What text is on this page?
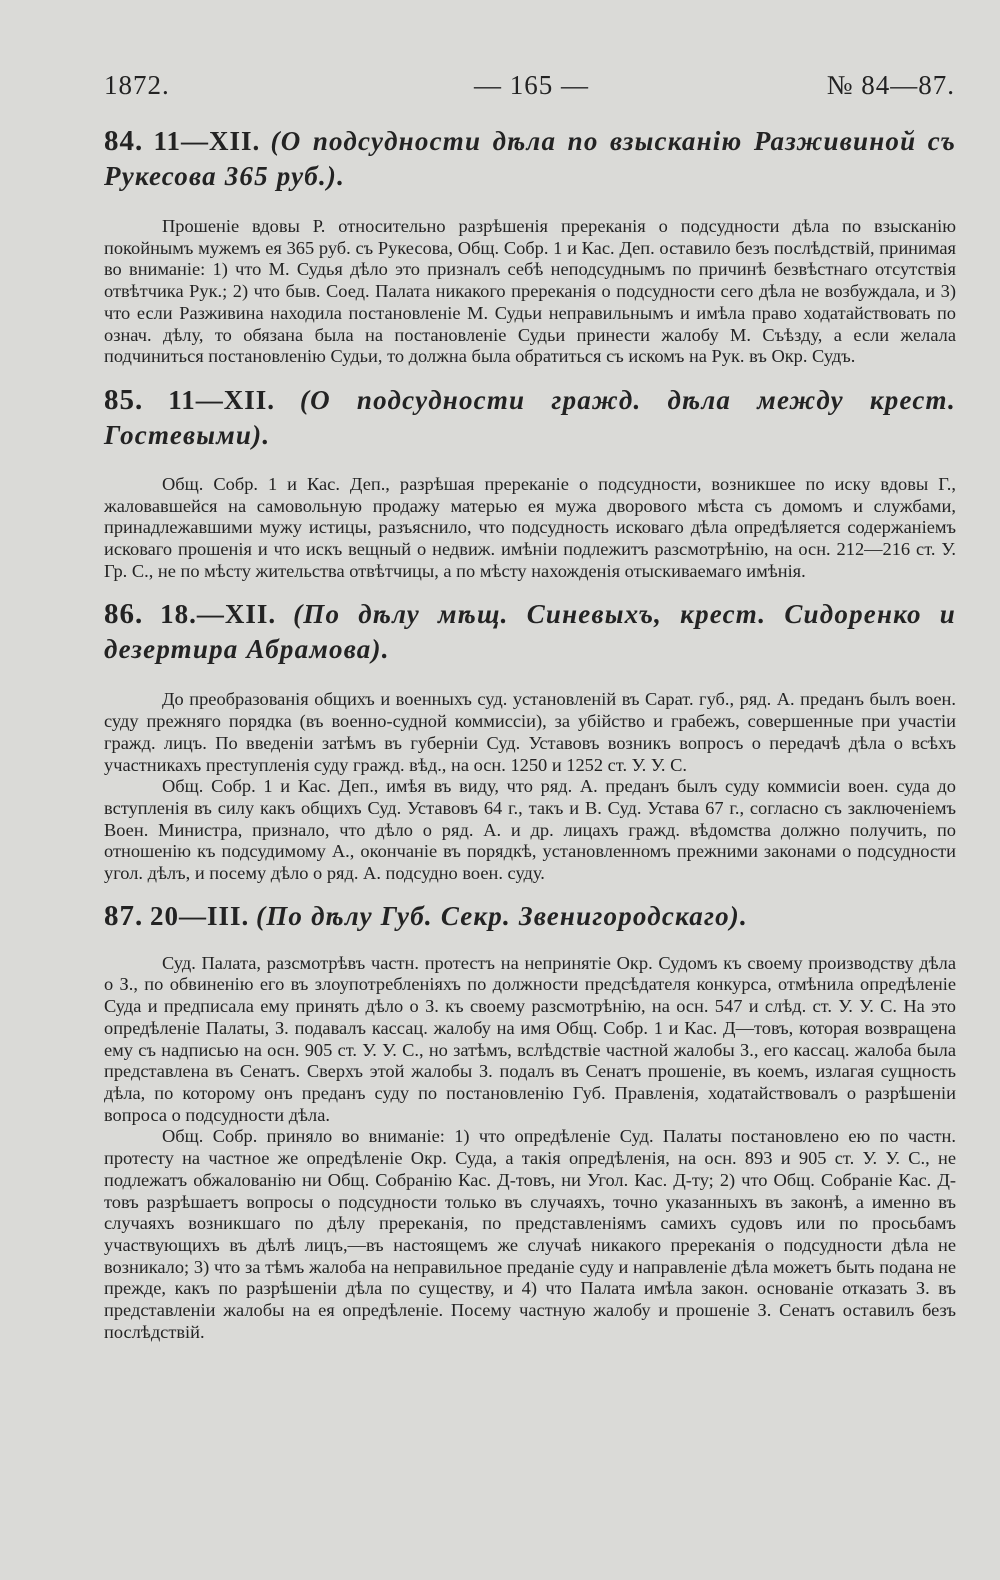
1872.	— 165 —	№ 84—87.
84. 11—XII. (О подсудности дѣла по взысканію Разживиной съ Рукесова 365 руб.).

Прошеніе вдовы Р. относительно разрѣшенія пререканія о подсудности дѣла по взысканію покойнымъ мужемъ ея 365 руб. съ Рукесова, Общ. Собр. 1 и Кас. Деп. оставило безъ послѣдствій, принимая во вниманіе: 1) что М. Судья дѣло это призналъ себѣ неподсуднымъ по причинѣ безвѣстнаго отсутствія отвѣтчика Рук.; 2) что быв. Соед. Палата никакого пререканія о подсудности сего дѣла не возбуждала, и 3) что если Разживина находила постановленіе М. Судьи неправильнымъ и имѣла право ходатайствовать по означ. дѣлу, то обязана была на постановленіе Судьи принести жалобу М. Съѣзду, а если желала подчиниться постановленію Судьи, то должна была обратиться съ искомъ на Рук. въ Окр. Судъ.

85. 11—XII. (О подсудности гражд. дѣла между крест. Гостевыми).

Общ. Собр. 1 и Кас. Деп., разрѣшая пререканіе о подсудности, возникшее по иску вдовы Г., жаловавшейся на самовольную продажу матерью ея мужа дворового мѣста съ домомъ и службами, принадлежавшими мужу истицы, разъяснило, что подсудность исковаго дѣла опредѣляется содержаніемъ исковаго прошенія и что искъ вещный о недвиж. имѣніи подлежитъ разсмотрѣнію, на осн. 212—216 ст. У. Гр. С., не по мѣсту жительства отвѣтчицы, а по мѣсту нахожденія отыскиваемаго имѣнія.

86. 18.—XII. (По дѣлу мѣщ. Синевыхъ, крест. Сидоренко и дезертира Абрамова).

До преобразованія общихъ и военныхъ суд. установленій въ Сарат. губ., ряд. А. преданъ былъ воен. суду прежняго порядка (въ военно-судной коммиссіи), за убійство и грабежъ, совершенные при участіи гражд. лицъ. По введеніи затѣмъ въ губерніи Суд. Уставовъ возникъ вопросъ о передачѣ дѣла о всѣхъ участникахъ преступленія суду гражд. вѣд., на осн. 1250 и 1252 ст. У. У. С.

Общ. Собр. 1 и Кас. Деп., имѣя въ виду, что ряд. А. преданъ былъ суду коммисіи воен. суда до вступленія въ силу какъ общихъ Суд. Уставовъ 64 г., такъ и В. Суд. Устава 67 г., согласно съ заключеніемъ Воен. Министра, призналo, что дѣло о ряд. А. и др. лицахъ гражд. вѣдомства должно получить, по отношенію къ подсудимому А., окончаніе въ порядкѣ, установленномъ прежними законами о подсудности угол. дѣлъ, и посему дѣло о ряд. А. подсудно воен. суду.

87. 20—III. (По дѣлу Губ. Секр. Звенигородскаго).

Суд. Палата, разсмотрѣвъ частн. протестъ на непринятіе Окр. Судомъ къ своему производству дѣла о З., по обвиненію его въ злоупотребленіяхъ по должности предсѣдателя конкурса, отмѣнила опредѣленіе Суда и предписала ему принять дѣло о З. къ своему разсмотрѣнію, на осн. 547 и слѣд. ст. У. У. С. На это опредѣленіе Палаты, З. подавалъ кассац. жалобу на имя Общ. Собр. 1 и Кас. Д—товъ, которая возвращена ему съ надписью на осн. 905 ст. У. У. С., но затѣмъ, вслѣдствіе частной жалобы З., его кассац. жалоба была представлена въ Сенатъ. Сверхъ этой жалобы З. подалъ въ Сенатъ прошеніе, въ коемъ, излагая сущность дѣла, по которому онъ преданъ суду по постановленію Губ. Правленія, ходатайствовалъ о разрѣшеніи вопроса о подсудности дѣла.

Общ. Собр. приняло во вниманіе: 1) что опредѣленіе Суд. Палаты постановлено ею по частн. протесту на частное же опредѣленіе Окр. Суда, а такія опредѣленія, на осн. 893 и 905 ст. У. У. С., не подлежатъ обжалованію ни Общ. Собранію Кас. Д-товъ, ни Угол. Кас. Д-ту; 2) что Общ. Собраніе Кас. Д-товъ разрѣшаетъ вопросы о подсудности только въ случаяхъ, точно указанныхъ въ законѣ, а именно въ случаяхъ возникшаго по дѣлу пререканія, по представленіямъ самихъ судовъ или по просьбамъ участвующихъ въ дѣлѣ лицъ,—въ настоящемъ же случаѣ никакого пререканія о подсудности дѣла не возникало; 3) что за тѣмъ жалоба на неправильное преданіе суду и направленіе дѣла можетъ быть подана не прежде, какъ по разрѣшеніи дѣла по существу, и 4) что Палата имѣла закон. основаніе отказать З. въ представленіи жалобы на ея опредѣленіе. Посему частную жалобу и прошеніе З. Сенатъ оставилъ безъ послѣдствій.
